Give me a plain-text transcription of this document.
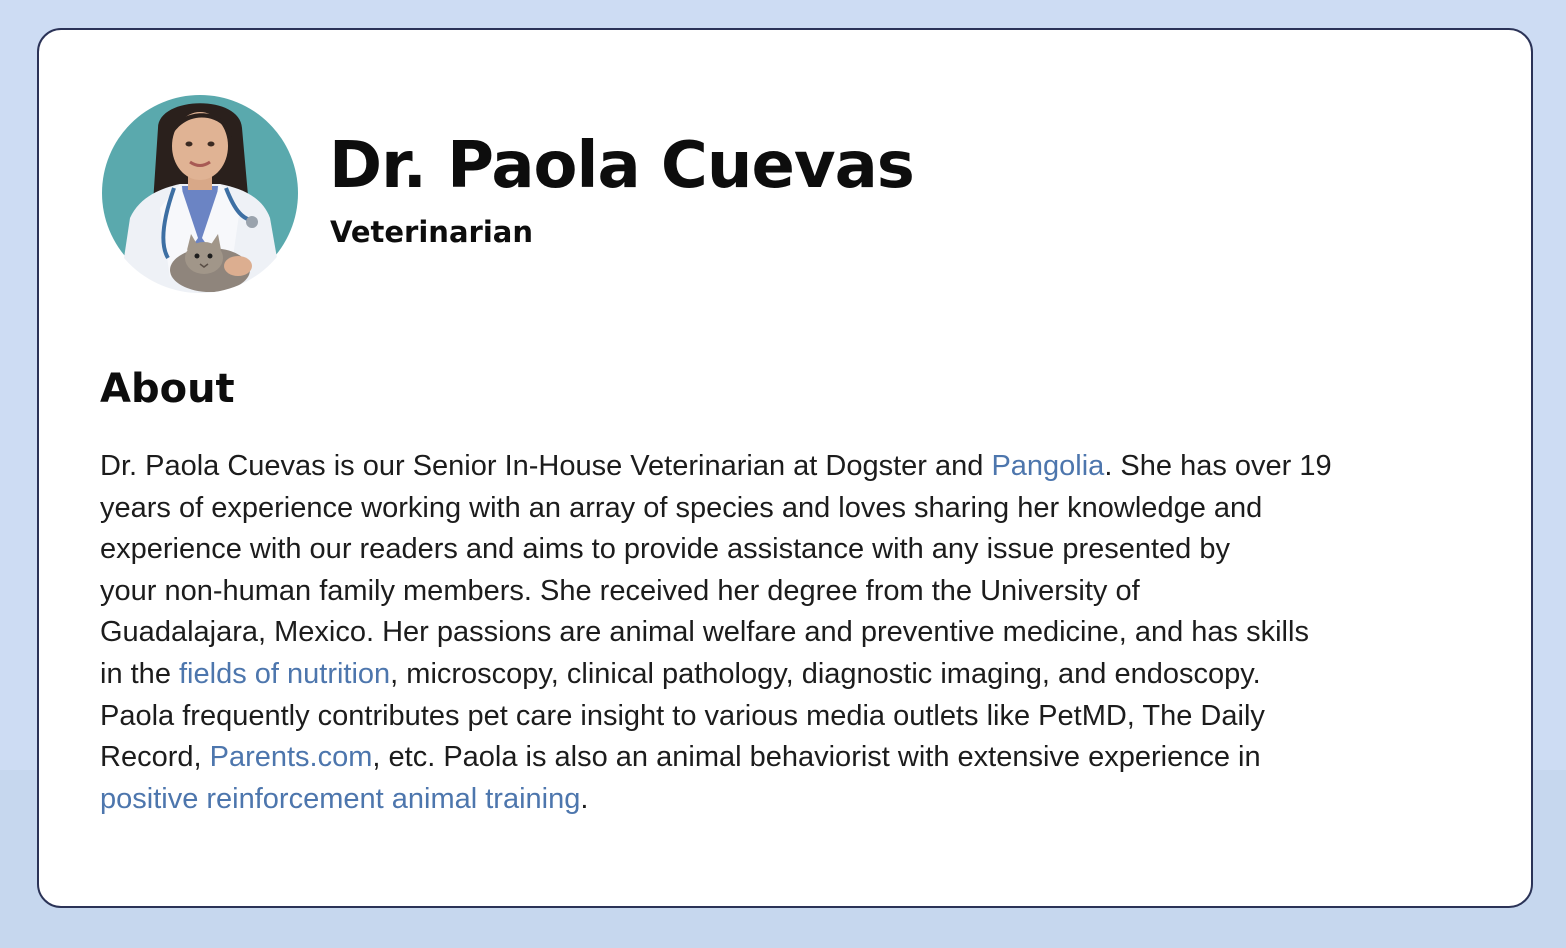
Dr. Paola Cuevas
Veterinarian
About

Dr. Paola Cuevas is our Senior In-House Veterinarian at Dogster and Pangolia. She has over 19
years of experience working with an array of species and loves sharing her knowledge and
experience with our readers and aims to provide assistance with any issue presented by
your non-human family members. She received her degree from the University of
Guadalajara, Mexico. Her passions are animal welfare and preventive medicine, and has skills
in the fields of nutrition, microscopy, clinical pathology, diagnostic imaging, and endoscopy.
Paola frequently contributes pet care insight to various media outlets like PetMD, The Daily
Record, Parents.com, etc. Paola is also an animal behaviorist with extensive experience in
positive reinforcement animal training.
